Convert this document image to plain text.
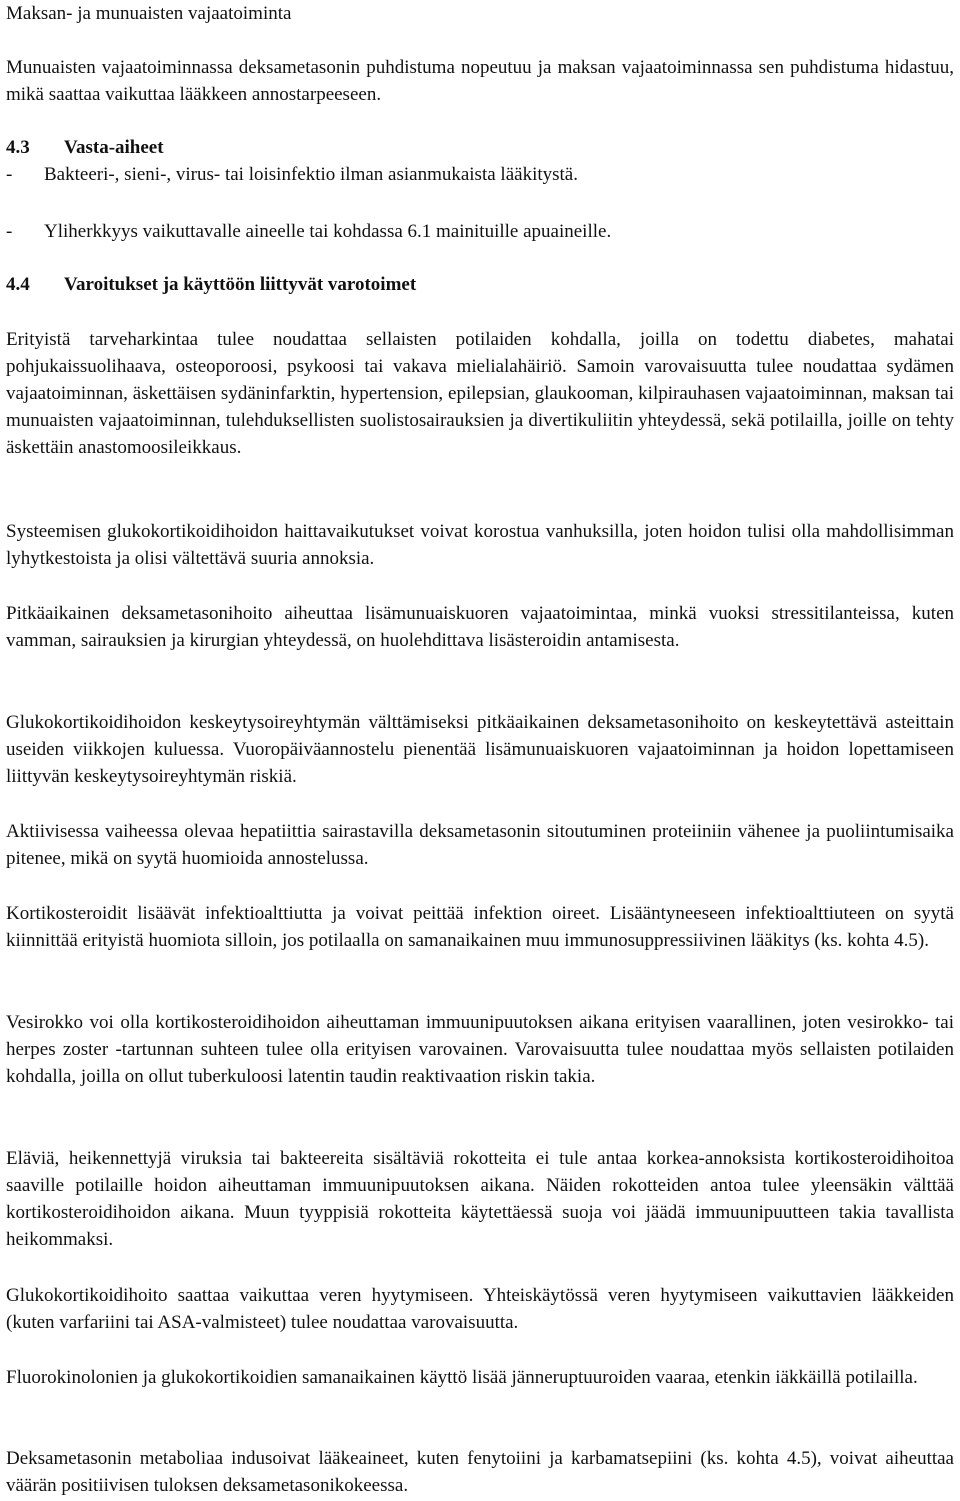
Maksan- ja munuaisten vajaatoiminta

Munuaisten vajaatoiminnassa deksametasonin puhdistuma nopeutuu ja maksan vajaatoiminnassa sen puhdistuma hidastuu, mikä saattaa vaikuttaa lääkkeen annostarpeeseen.

4.3 Vasta-aiheet
- Bakteeri-, sieni-, virus- tai loisinfektio ilman asianmukaista lääkitystä.
- Yliherkkyys vaikuttavalle aineelle tai kohdassa 6.1 mainituille apuaineille.
4.4 Varoitukset ja käyttöön liittyvät varotoimet

Erityistä tarveharkintaa tulee noudattaa sellaisten potilaiden kohdalla, joilla on todettu diabetes, mahatai pohjukaissuolihaava, osteoporoosi, psykoosi tai vakava mielialahäiriö. Samoin varovaisuutta tulee noudattaa sydämen vajaatoiminnan, äskettäisen sydäninfarktin, hypertension, epilepsian, glaukooman, kilpirauhasen vajaatoiminnan, maksan tai munuaisten vajaatoiminnan, tulehduksellisten suolistosairauksien ja divertikuliitin yhteydessä, sekä potilailla, joille on tehty äskettäin anastomoosileikkaus.

Systeemisen glukokortikoidihoidon haittavaikutukset voivat korostua vanhuksilla, joten hoidon tulisi olla mahdollisimman lyhytkestoista ja olisi vältettävä suuria annoksia.

Pitkäaikainen deksametasonihoito aiheuttaa lisämunuaiskuoren vajaatoimintaa, minkä vuoksi stressitilanteissa, kuten vamman, sairauksien ja kirurgian yhteydessä, on huolehdittava lisästeroidin antamisesta.

Glukokortikoidihoidon keskeytysoireyhtymän välttämiseksi pitkäaikainen deksametasonihoito on keskeytettävä asteittain useiden viikkojen kuluessa. Vuoropäiväannostelu pienentää lisämunuaiskuoren vajaatoiminnan ja hoidon lopettamiseen liittyvän keskeytysoireyhtymän riskiä.

Aktiivisessa vaiheessa olevaa hepatiittia sairastavilla deksametasonin sitoutuminen proteiiniin vähenee ja puoliintumisaika pitenee, mikä on syytä huomioida annostelussa.

Kortikosteroidit lisäävät infektioalttiutta ja voivat peittää infektion oireet. Lisääntyneeseen infektioalttiuteen on syytä kiinnittää erityistä huomiota silloin, jos potilaalla on samanaikainen muu immunosuppressiivinen lääkitys (ks. kohta 4.5).

Vesirokko voi olla kortikosteroidihoidon aiheuttaman immuunipuutoksen aikana erityisen vaarallinen, joten vesirokko- tai herpes zoster -tartunnan suhteen tulee olla erityisen varovainen. Varovaisuutta tulee noudattaa myös sellaisten potilaiden kohdalla, joilla on ollut tuberkuloosi latentin taudin reaktivaation riskin takia.

Eläviä, heikennettyjä viruksia tai bakteereita sisältäviä rokotteita ei tule antaa korkea-annoksista kortikosteroidihoitoa saaville potilaille hoidon aiheuttaman immuunipuutoksen aikana. Näiden rokotteiden antoa tulee yleensäkin välttää kortikosteroidihoidon aikana. Muun tyyppisiä rokotteita käytettäessä suoja voi jäädä immuunipuutteen takia tavallista heikommaksi.

Glukokortikoidihoito saattaa vaikuttaa veren hyytymiseen. Yhteiskäytössä veren hyytymiseen vaikuttavien lääkkeiden (kuten varfariini tai ASA-valmisteet) tulee noudattaa varovaisuutta.

Fluorokinolonien ja glukokortikoidien samanaikainen käyttö lisää jänneruptuuroiden vaaraa, etenkin iäkkäillä potilailla.

Deksametasonin metaboliaa indusoivat lääkeaineet, kuten fenytoiini ja karbamatsepiini (ks. kohta 4.5), voivat aiheuttaa väärän positiivisen tuloksen deksametasonikokeessa.
